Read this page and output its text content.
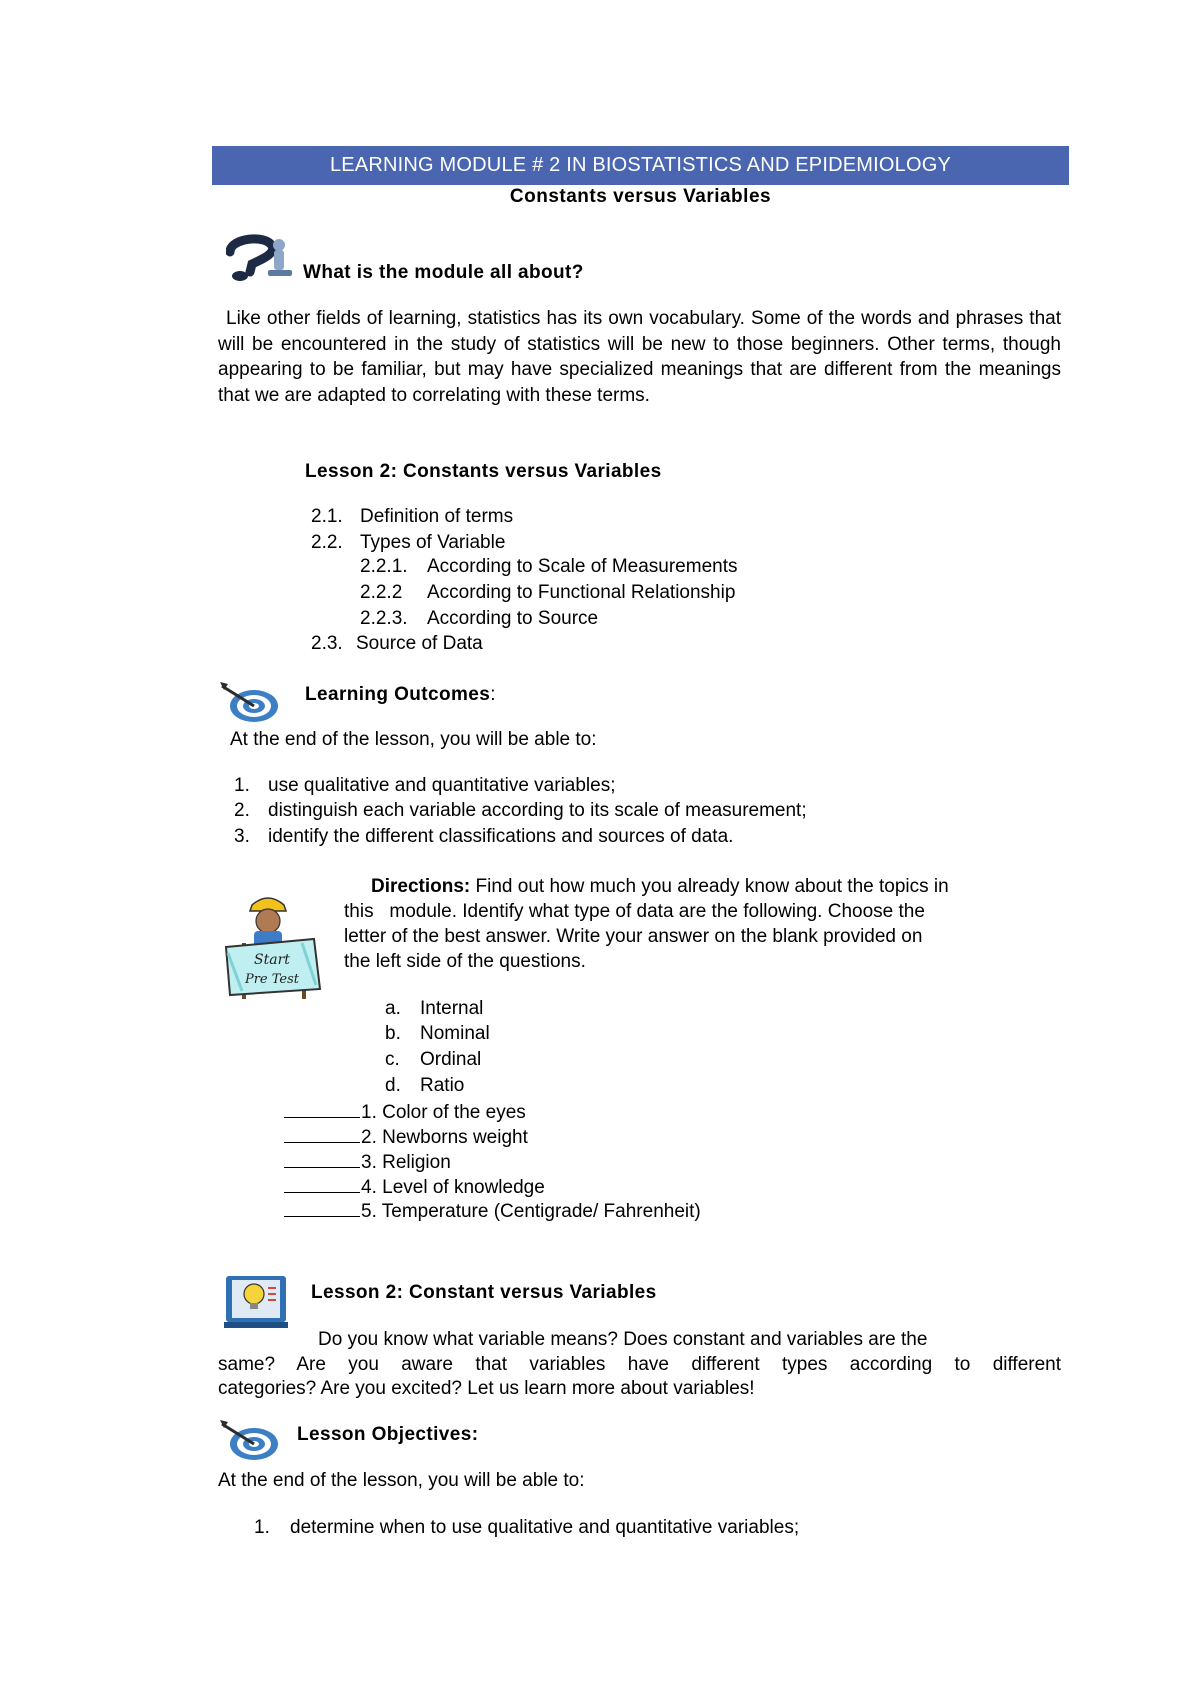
LEARNING MODULE # 2 IN BIOSTATISTICS AND EPIDEMIOLOGY
Constants versus Variables
What is the module all about?
Like other fields of learning, statistics has its own vocabulary. Some of the words and phrases that will be encountered in the study of statistics will be new to those beginners. Other terms, though appearing to be familiar, but may have specialized meanings that are different from the meanings that we are adapted to correlating with these terms.
Lesson 2: Constants versus Variables
2.1. Definition of terms
2.2. Types of Variable
2.2.1. According to Scale of Measurements
2.2.2 According to Functional Relationship
2.2.3. According to Source
2.3. Source of Data
Learning Outcomes:
At the end of the lesson, you will be able to:
1. use qualitative and quantitative variables;
2. distinguish each variable according to its scale of measurement;
3. identify the different classifications and sources of data.
Start
Pre Test
Directions: Find out how much you already know about the topics in
this   module. Identify what type of data are the following. Choose the
letter of the best answer. Write your answer on the blank provided on
the left side of the questions.
a. Internal
b. Nominal
c. Ordinal
d. Ratio
1. Color of the eyes
2. Newborns weight
3. Religion
4. Level of knowledge
5. Temperature (Centigrade/ Fahrenheit)
Lesson 2: Constant versus Variables
Do you know what variable means? Does constant and variables are the
same? Are you aware that variables have different types according to different
categories? Are you excited? Let us learn more about variables!
Lesson Objectives:
At the end of the lesson, you will be able to:
1. determine when to use qualitative and quantitative variables;
